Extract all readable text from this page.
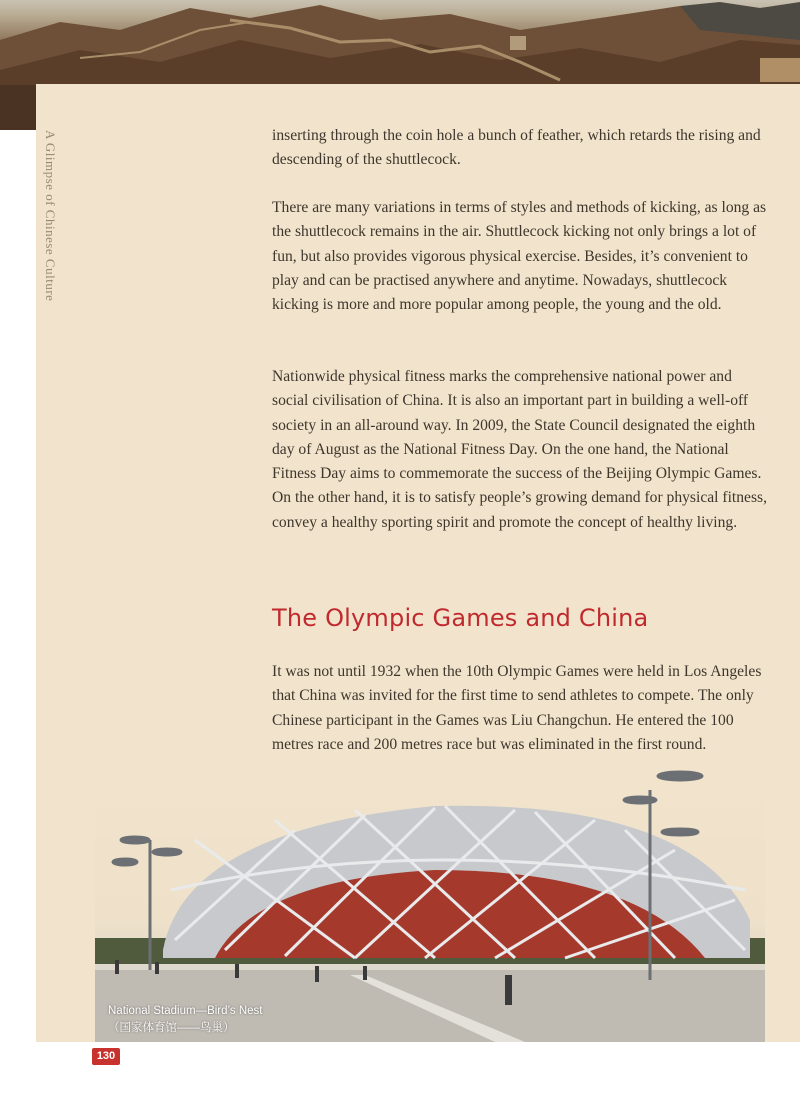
A Glimpse of Chinese Culture	inserting through the coin hole a bunch of feather, which retards the rising and descending of the shuttlecock.

There are many variations in terms of styles and methods of kicking, as long as the shuttlecock remains in the air. Shuttlecock kicking not only brings a lot of fun, but also provides vigorous physical exercise. Besides, it’s convenient to play and can be practised anywhere and anytime. Nowadays, shuttlecock kicking is more and more popular among people, the young and the old.

Nationwide physical fitness marks the comprehensive national power and social civilisation of China. It is also an important part in building a well-off society in an all-around way. In 2009, the State Council designated the eighth day of August as the National Fitness Day. On the one hand, the National Fitness Day aims to commemorate the success of the Beijing Olympic Games. On the other hand, it is to satisfy people’s growing demand for physical fitness, convey a healthy sporting spirit and promote the concept of healthy living.

The Olympic Games and China

It was not until 1932 when the 10th Olympic Games were held in Los Angeles that China was invited for the first time to send athletes to compete. The only Chinese participant in the Games was Liu Changchun. He entered the 100 metres race and 200 metres race but was eliminated in the first round.

National Stadium—Bird’s Nest
（国家体育馆——鸟巢）
130
